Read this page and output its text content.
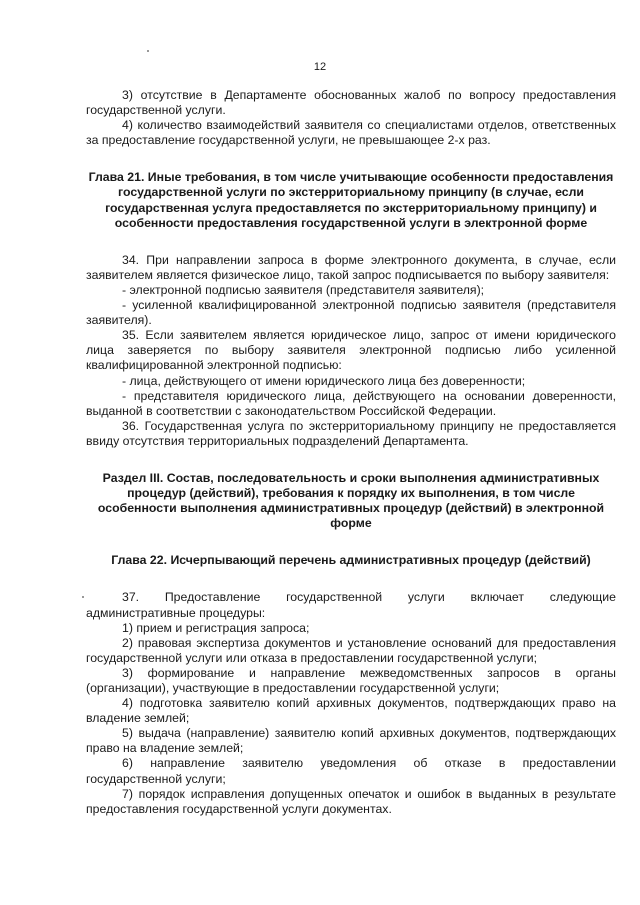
12

3) отсутствие в Департаменте обоснованных жалоб по вопросу предоставления государственной услуги.

4) количество взаимодействий заявителя со специалистами отделов, ответственных за предоставление государственной услуги, не превышающее 2-х раз.

Глава 21. Иные требования, в том числе учитывающие особенности предоставления государственной услуги по экстерриториальному принципу (в случае, если государственная услуга предоставляется по экстерриториальному принципу) и особенности предоставления государственной услуги в электронной форме

34. При направлении запроса в форме электронного документа, в случае, если заявителем является физическое лицо, такой запрос подписывается по выбору заявителя:

- электронной подписью заявителя (представителя заявителя);

- усиленной квалифицированной электронной подписью заявителя (представителя заявителя).

35. Если заявителем является юридическое лицо, запрос от имени юридического лица заверяется по выбору заявителя электронной подписью либо усиленной квалифицированной электронной подписью:

- лица, действующего от имени юридического лица без доверенности;

- представителя юридического лица, действующего на основании доверенности, выданной в соответствии с законодательством Российской Федерации.

36. Государственная услуга по экстерриториальному принципу не предоставляется ввиду отсутствия территориальных подразделений Департамента.

Раздел III. Состав, последовательность и сроки выполнения административных процедур (действий), требования к порядку их выполнения, в том числе особенности выполнения административных процедур (действий) в электронной форме

Глава 22. Исчерпывающий перечень административных процедур (действий)

37. Предоставление государственной услуги включает следующие административные процедуры:

1) прием и регистрация запроса;

2) правовая экспертиза документов и установление оснований для предоставления государственной услуги или отказа в предоставлении государственной услуги;

3) формирование и направление межведомственных запросов в органы (организации), участвующие в предоставлении государственной услуги;

4) подготовка заявителю копий архивных документов, подтверждающих право на владение землей;

5) выдача (направление) заявителю копий архивных документов, подтверждающих право на владение землей;

6) направление заявителю уведомления об отказе в предоставлении государственной услуги;

7) порядок исправления допущенных опечаток и ошибок в выданных в результате предоставления государственной услуги документах.
